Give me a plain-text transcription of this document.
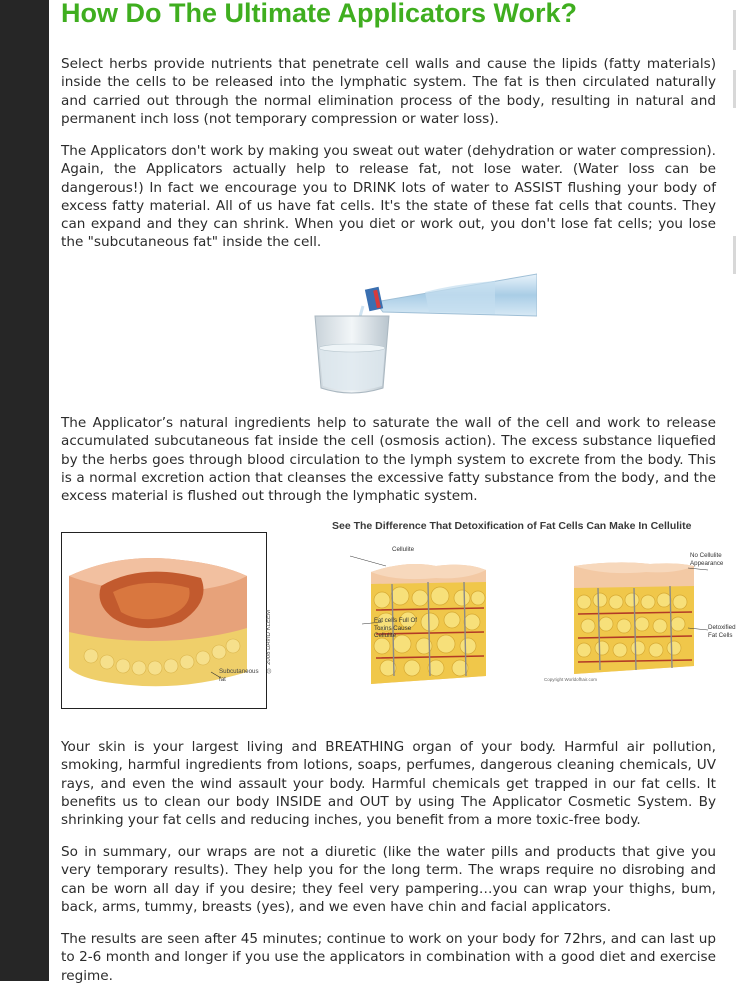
How Do The Ultimate Applicators Work?

Select herbs provide nutrients that penetrate cell walls and cause the lipids (fatty materials) inside the cells to be released into the lymphatic system. The fat is then circulated naturally and carried out through the normal elimination process of the body, resulting in natural and permanent inch loss (not temporary compression or water loss).

The Applicators don't work by making you sweat out water (dehydration or water compression). Again, the Applicators actually help to release fat, not lose water. (Water loss can be dangerous!) In fact we encourage you to DRINK lots of water to ASSIST flushing your body of excess fatty material. All of us have fat cells. It's the state of these fat cells that counts. They can expand and they can shrink. When you diet or work out, you don't lose fat cells; you lose the "subcutaneous fat" inside the cell.

The Applicator’s natural ingredients help to saturate the wall of the cell and work to release accumulated subcutaneous fat inside the cell (osmosis action). The excess substance liquefied by the herbs goes through blood circulation to the lymph system to excrete from the body. This is a normal excretion action that cleanses the excessive fatty substance from the body, and the excess material is flushed out through the lymphatic system.

Subcutaneous fat
© 2008 DAVID KLEEM
See The Difference That Detoxification of Fat Cells Can Make In Cellulite
Cellulite
Fat cells Full Of Toxins Cause Cellulite
No Cellulite Appearance
Detoxified Fat Cells
Copyright Worldofhair.com

Your skin is your largest living and BREATHING organ of your body. Harmful air pollution, smoking, harmful ingredients from lotions, soaps, perfumes, dangerous cleaning chemicals, UV rays, and even the wind assault your body. Harmful chemicals get trapped in our fat cells. It benefits us to clean our body INSIDE and OUT by using The Applicator Cosmetic System. By shrinking your fat cells and reducing inches, you benefit from a more toxic-free body.

So in summary, our wraps are not a diuretic (like the water pills and products that give you very temporary results). They help you for the long term. The wraps require no disrobing and can be worn all day if you desire; they feel very pampering…you can wrap your thighs, bum, back, arms, tummy, breasts (yes), and we even have chin and facial applicators.

The results are seen after 45 minutes; continue to work on your body for 72hrs, and can last up to 2-6 month and longer if you use the applicators in combination with a good diet and exercise regime.
